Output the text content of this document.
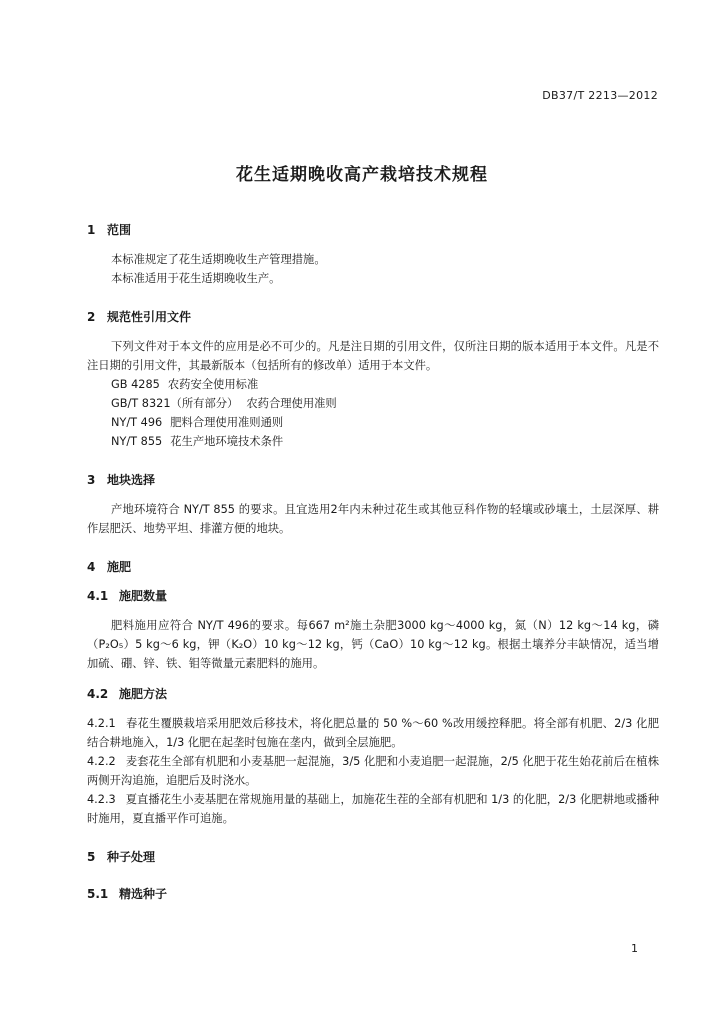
DB37/T 2213—2012
花生适期晚收高产栽培技术规程
1 范围

本标准规定了花生适期晚收生产管理措施。

本标准适用于花生适期晚收生产。

2 规范性引用文件

下列文件对于本文件的应用是必不可少的。凡是注日期的引用文件，仅所注日期的版本适用于本文件。凡是不注日期的引用文件，其最新版本（包括所有的修改单）适用于本文件。

GB 4285 农药安全使用标准

GB/T 8321（所有部分） 农药合理使用准则

NY/T 496 肥料合理使用准则通则

NY/T 855 花生产地环境技术条件

3 地块选择

产地环境符合 NY/T 855 的要求。且宜选用2年内未种过花生或其他豆科作物的轻壤或砂壤土，土层深厚、耕作层肥沃、地势平坦、排灌方便的地块。

4 施肥
4.1 施肥数量

肥料施用应符合 NY/T 496的要求。每667 m²施土杂肥3000 kg～4000 kg，氮（N）12 kg～14 kg，磷（P₂O₅）5 kg～6 kg，钾（K₂O）10 kg～12 kg，钙（CaO）10 kg～12 kg。根据土壤养分丰缺情况，适当增加硫、硼、锌、铁、钼等微量元素肥料的施用。

4.2 施肥方法

4.2.1 春花生覆膜栽培采用肥效后移技术，将化肥总量的 50 %～60 %改用缓控释肥。将全部有机肥、2/3 化肥结合耕地施入，1/3 化肥在起垄时包施在垄内，做到全层施肥。

4.2.2 麦套花生全部有机肥和小麦基肥一起混施，3/5 化肥和小麦追肥一起混施，2/5 化肥于花生始花前后在植株两侧开沟追施，追肥后及时浇水。

4.2.3 夏直播花生小麦基肥在常规施用量的基础上，加施花生茬的全部有机肥和 1/3 的化肥，2/3 化肥耕地或播种时施用，夏直播平作可追施。

5 种子处理
5.1 精选种子
1
